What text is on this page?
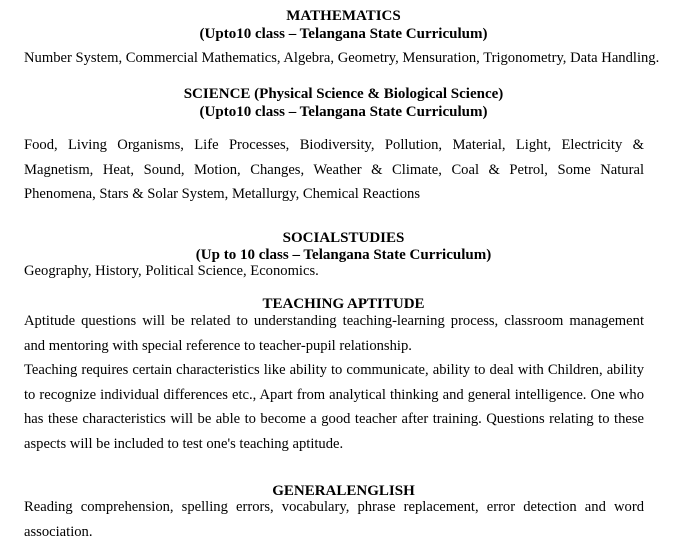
MATHEMATICS
(Upto10 class – Telangana State Curriculum)
Number System, Commercial Mathematics, Algebra, Geometry, Mensuration, Trigonometry, Data Handling.
SCIENCE (Physical Science & Biological Science)
(Upto10 class – Telangana State Curriculum)
Food, Living Organisms, Life Processes, Biodiversity, Pollution, Material, Light, Electricity &
Magnetism, Heat, Sound, Motion, Changes, Weather & Climate, Coal & Petrol, Some Natural
Phenomena, Stars & Solar System, Metallurgy, Chemical Reactions
SOCIALSTUDIES
(Up to 10 class – Telangana State Curriculum)
Geography, History, Political Science, Economics.
TEACHING APTITUDE
Aptitude questions will be related to understanding teaching-learning process, classroom management
and mentoring with special reference to teacher-pupil relationship.
Teaching requires certain characteristics like ability to communicate, ability to deal with Children, ability
to recognize individual differences etc., Apart from analytical thinking and general intelligence. One who
has these characteristics will be able to become a good teacher after training. Questions relating to these
aspects will be included to test one's teaching aptitude.
GENERALENGLISH
Reading comprehension, spelling errors, vocabulary, phrase replacement, error detection and word
association.
